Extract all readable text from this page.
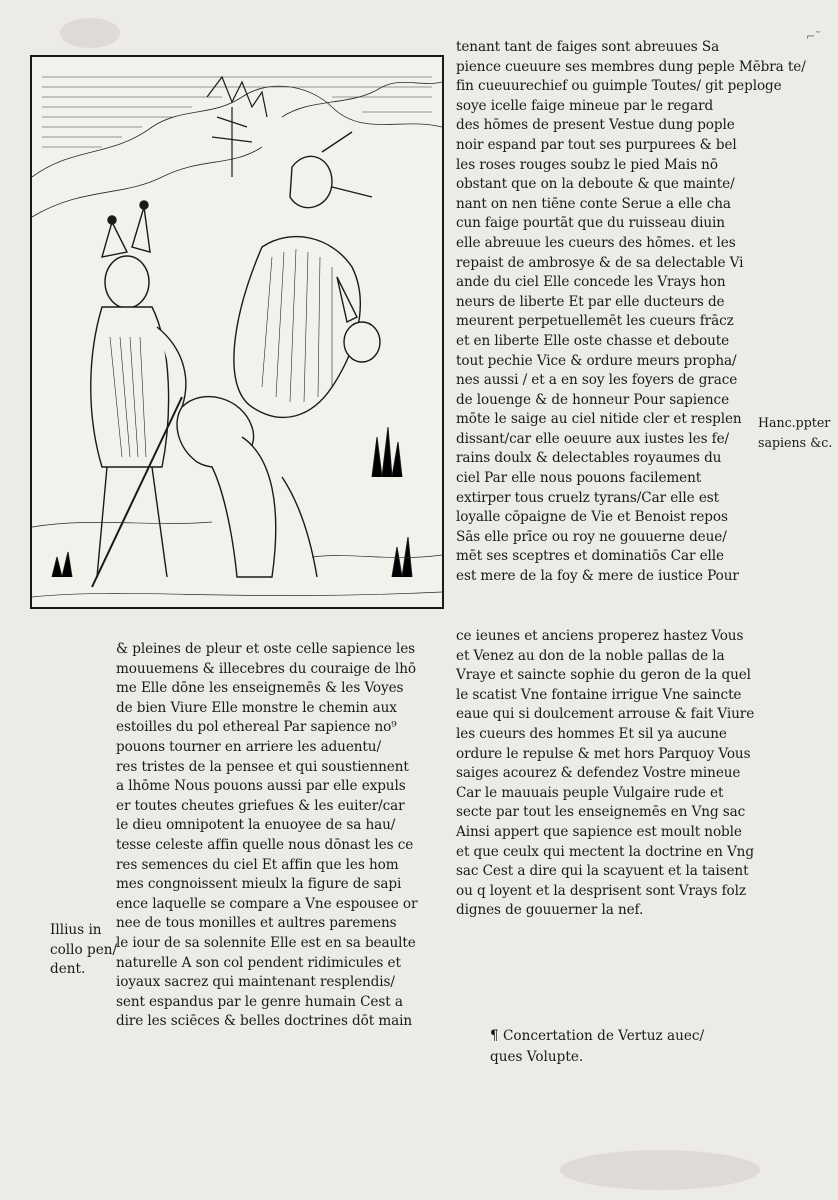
⌐˜
tenant tant de faiges sont abreuues Sa
pience cueuure ses membres dung peple Mēbra te/
fin cueuurechief ou guimple Toutes/ git peploge
soye icelle faige mineue par le regard
des hōmes de present Vestue dung pople
noir espand par tout ses purpurees & bel
les roses rouges soubz le pied Mais nō
obstant que on la deboute & que mainte/
nant on nen tiēne conte Serue a elle cha
cun faige pourtāt que du ruisseau diuin
elle abreuue les cueurs des hōmes. et les
repaist de ambrosye & de sa delectable Vi
ande du ciel Elle concede les Vrays hon
neurs de liberte Et par elle ducteurs de
meurent perpetuellemēt les cueurs frācz
et en liberte Elle oste chasse et deboute
tout pechie Vice & ordure meurs propha/
nes aussi / et a en soy les foyers de grace
de louenge & de honneur Pour sapience
mōte le saige au ciel nitide cler et resplen
dissant/car elle oeuure aux iustes les fe/
rains doulx & delectables royaumes du
ciel Par elle nous pouons facilement
extirper tous cruelz tyrans/Car elle est
loyalle cōpaigne de Vie et Benoist repos
Sās elle prīce ou roy ne gouuerne deue/
mēt ses sceptres et dominatiōs Car elle
est mere de la foy & mere de iustice Pour
Hanc.ppter
sapiens &c.
& pleines de pleur et oste celle sapience les
mouuemens & illecebres du couraige de lhō
me Elle dōne les enseignemēs & les Voyes
de bien Viure Elle monstre le chemin aux
estoilles du pol ethereal Par sapience no⁹
pouons tourner en arriere les aduentu/
res tristes de la pensee et qui soustiennent
a lhōme Nous pouons aussi par elle expuls
er toutes cheutes griefues & les euiter/car
le dieu omnipotent la enuoyee de sa hau/
tesse celeste affin quelle nous dōnast les ce
res semences du ciel Et affin que les hom
mes congnoissent mieulx la figure de sapi
ence laquelle se compare a Vne espousee or
nee de tous monilles et aultres paremens
le iour de sa solennite Elle est en sa beaulte
naturelle A son col pendent ridimicules et
ioyaux sacrez qui maintenant resplendis/
sent espandus par le genre humain Cest a
dire les sciēces & belles doctrines dōt main
Illius in
collo pen/
dent.
ce ieunes et anciens properez hastez Vous
et Venez au don de la noble pallas de la
Vraye et saincte sophie du geron de la quel
le scatist Vne fontaine irrigue Vne saincte
eaue qui si doulcement arrouse & fait Viure
les cueurs des hommes Et sil ya aucune
ordure le repulse & met hors Parquoy Vous
saiges acourez & defendez Vostre mineue
Car le mauuais peuple Vulgaire rude et
secte par tout les enseignemēs en Vng sac
Ainsi appert que sapience est moult noble
et que ceulx qui mectent la doctrine en Vng
sac Cest a dire qui la scayuent et la taisent
ou q loyent et la desprisent sont Vrays folz
dignes de gouuerner la nef.
¶ Concertation de Vertuz auec/
ques Volupte.
